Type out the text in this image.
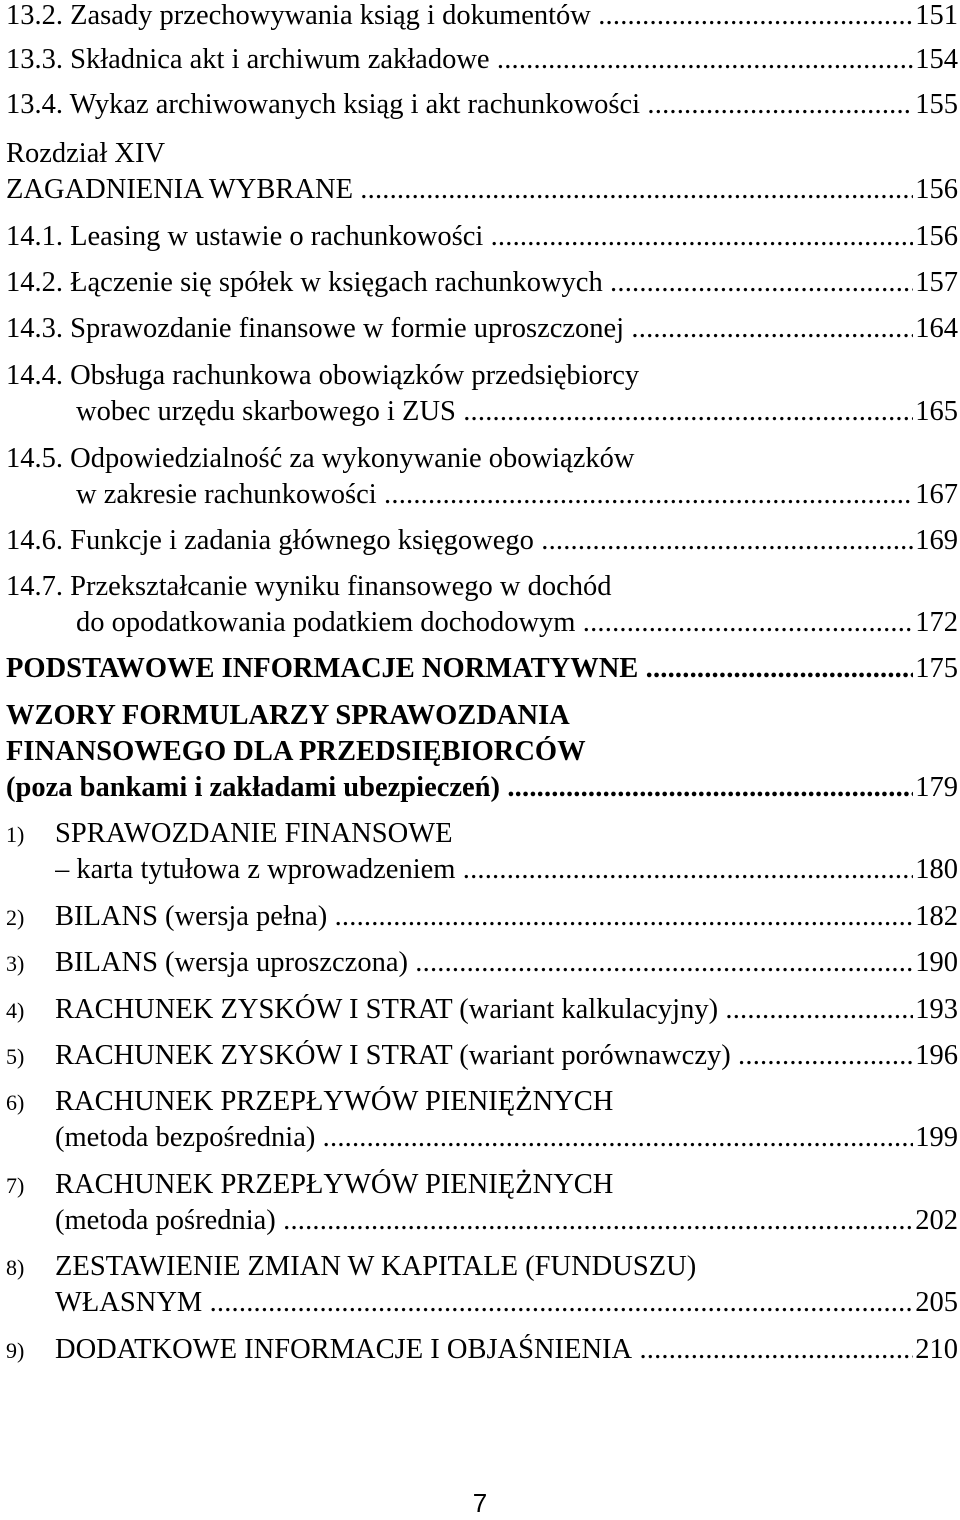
13.2. Zasady przechowywania ksiąg i dokumentów .....	151
13.3. Składnica akt i archiwum zakładowe .....	154
13.4. Wykaz archiwowanych ksiąg i akt rachunkowości .....	155
Rozdział XIV
ZAGADNIENIA WYBRANE .....	156
14.1. Leasing w ustawie o rachunkowości .....	156
14.2. Łączenie się spółek w księgach rachunkowych .....	157
14.3. Sprawozdanie finansowe w formie uproszczonej .....	164
14.4. Obsługa rachunkowa obowiązków przedsiębiorcy
wobec urzędu skarbowego i ZUS .....	165
14.5. Odpowiedzialność za wykonywanie obowiązków
w zakresie rachunkowości .....	167
14.6. Funkcje i zadania głównego księgowego .....	169
14.7. Przekształcanie wyniku finansowego w dochód
do opodatkowania podatkiem dochodowym .....	172
PODSTAWOWE INFORMACJE NORMATYWNE .....	175
WZORY FORMULARZY SPRAWOZDANIA
FINANSOWEGO DLA PRZEDSIĘBIORCÓW
(poza bankami i zakładami ubezpieczeń) .....	179
1) SPRAWOZDANIE FINANSOWE
– karta tytułowa z wprowadzeniem .....	180
2) BILANS (wersja pełna) .....	182
3) BILANS (wersja uproszczona) .....	190
4) RACHUNEK ZYSKÓW I STRAT (wariant kalkulacyjny) .....	193
5) RACHUNEK ZYSKÓW I STRAT (wariant porównawczy) .....	196
6) RACHUNEK PRZEPŁYWÓW PIENIĘŻNYCH
(metoda bezpośrednia) .....	199
7) RACHUNEK PRZEPŁYWÓW PIENIĘŻNYCH
(metoda pośrednia) .....	202
8) ZESTAWIENIE ZMIAN W KAPITALE (FUNDUSZU)
WŁASNYM .....	205
9) DODATKOWE INFORMACJE I OBJAŚNIENIA .....	210
7
